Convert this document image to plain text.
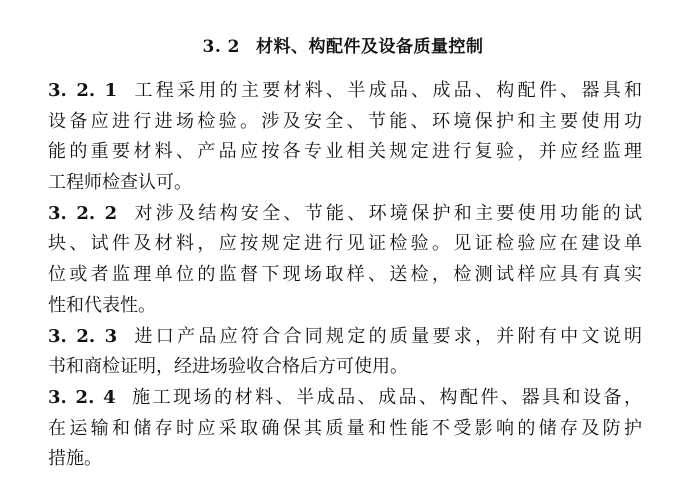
3. 2 材料、构配件及设备质量控制
3. 2. 1 工程采用的主要材料、半成品、成品、构配件、器具和
设备应进行进场检验。涉及安全、节能、环境保护和主要使用功
能的重要材料、产品应按各专业相关规定进行复验，并应经监理
工程师检查认可。
3. 2. 2 对涉及结构安全、节能、环境保护和主要使用功能的试
块、试件及材料，应按规定进行见证检验。见证检验应在建设单
位或者监理单位的监督下现场取样、送检，检测试样应具有真实
性和代表性。
3. 2. 3 进口产品应符合合同规定的质量要求，并附有中文说明
书和商检证明，经进场验收合格后方可使用。
3. 2. 4 施工现场的材料、半成品、成品、构配件、器具和设备，
在运输和储存时应采取确保其质量和性能不受影响的储存及防护
措施。
